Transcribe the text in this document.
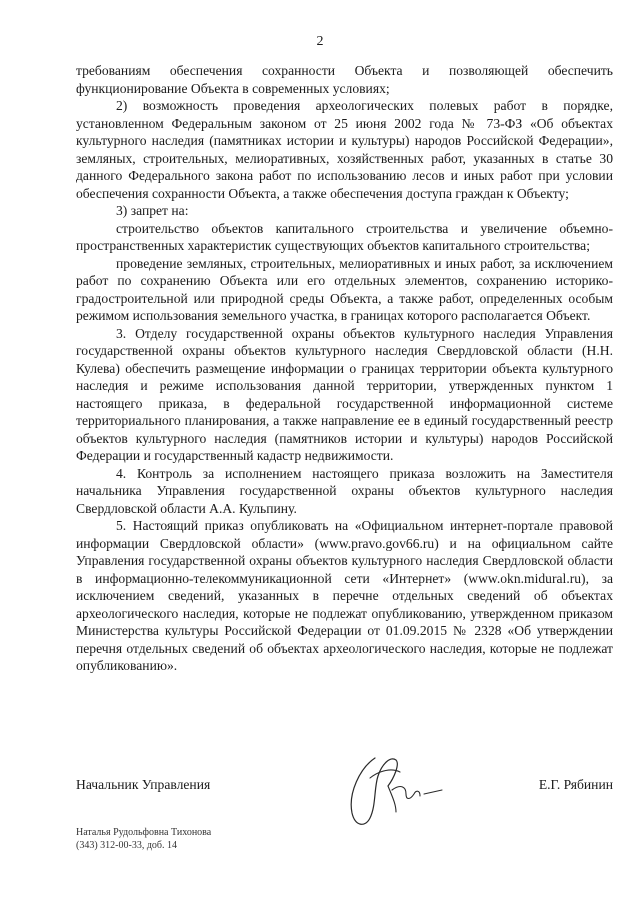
2

требованиям обеспечения сохранности Объекта и позволяющей обеспечить функционирование Объекта в современных условиях;

2) возможность проведения археологических полевых работ в порядке, установленном Федеральным законом от 25 июня 2002 года № 73-ФЗ «Об объектах культурного наследия (памятниках истории и культуры) народов Российской Федерации», земляных, строительных, мелиоративных, хозяйственных работ, указанных в статье 30 данного Федерального закона работ по использованию лесов и иных работ при условии обеспечения сохранности Объекта, а также обеспечения доступа граждан к Объекту;

3) запрет на:

строительство объектов капитального строительства и увеличение объемно-пространственных характеристик существующих объектов капитального строительства;

проведение земляных, строительных, мелиоративных и иных работ, за исключением работ по сохранению Объекта или его отдельных элементов, сохранению историко-градостроительной или природной среды Объекта, а также работ, определенных особым режимом использования земельного участка, в границах которого располагается Объект.

3. Отделу государственной охраны объектов культурного наследия Управления государственной охраны объектов культурного наследия Свердловской области (Н.Н. Кулева) обеспечить размещение информации о границах территории объекта культурного наследия и режиме использования данной территории, утвержденных пунктом 1 настоящего приказа, в федеральной государственной информационной системе территориального планирования, а также направление ее в единый государственный реестр объектов культурного наследия (памятников истории и культуры) народов Российской Федерации и государственный кадастр недвижимости.

4. Контроль за исполнением настоящего приказа возложить на Заместителя начальника Управления государственной охраны объектов культурного наследия Свердловской области А.А. Кульпину.

5. Настоящий приказ опубликовать на «Официальном интернет-портале правовой информации Свердловской области» (www.pravo.gov66.ru) и на официальном сайте Управления государственной охраны объектов культурного наследия Свердловской области в информационно-телекоммуникационной сети «Интернет» (www.okn.midural.ru), за исключением сведений, указанных в перечне отдельных сведений об объектах археологического наследия, которые не подлежат опубликованию, утвержденном приказом Министерства культуры Российской Федерации от 01.09.2015 № 2328 «Об утверждении перечня отдельных сведений об объектах археологического наследия, которые не подлежат опубликованию».

Начальник Управления	Е.Г. Рябинин
Наталья Рудольфовна Тихонова
(343) 312-00-33, доб. 14
